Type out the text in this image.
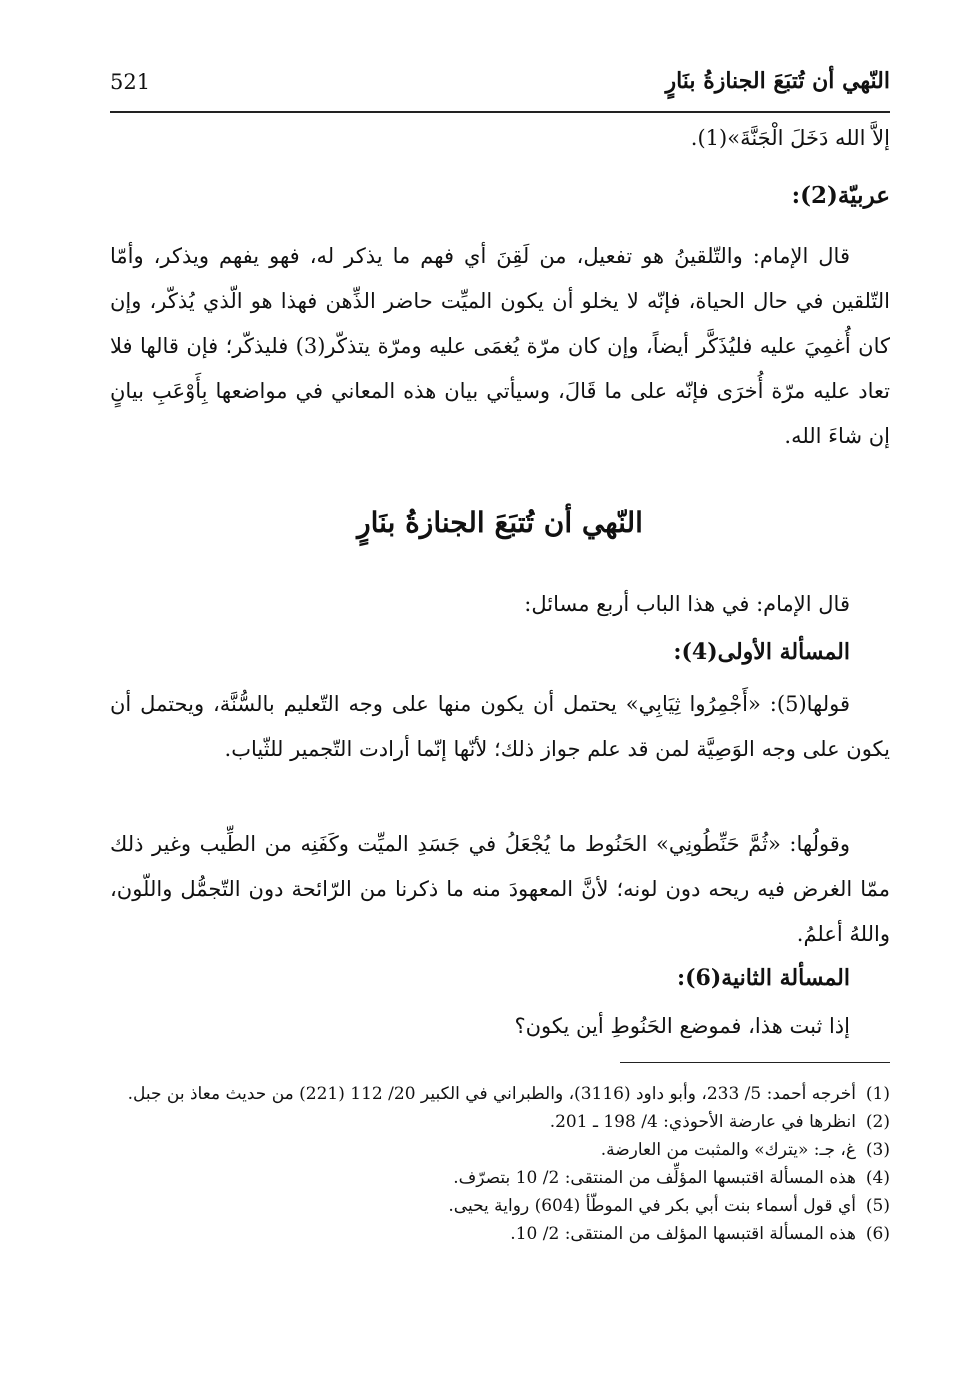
النّهي أن تُتبَعَ الجنازةُ بنَارٍ
521
إلاَّ الله دَخَلَ الْجَنَّةَ»(1).
عربيّة(2):
قال الإمام: والتّلقينُ هو تفعيل، من لَقِنَ أي فهم ما يذكر له، فهو يفهم ويذكر، وأمّا التّلقين في حال الحياة، فإنّه لا يخلو أن يكون الميِّت حاضر الذِّهن فهذا هو الّذي يُذكّر، وإن كان أُغمِيَ عليه فليُذَكَّر أيضاً، وإن كان مرّة يُغمَى عليه ومرّة يتذكّر(3) فليذكّر؛ فإن قالها فلا تعاد عليه مرّة أُخرَى فإنّه على ما قَالَ، وسيأتي بيان هذه المعاني في مواضعها بِأَوْعَبِ بيانٍ إن شاءَ الله.
النّهي أن تُتبَعَ الجنازةُ بنَارٍ
قال الإمام: في هذا الباب أربع مسائل:
المسألة الأولى(4):
قولها(5): «أَجْمِرُوا ثِيَابِي» يحتمل أن يكون منها على وجه التّعليم بالسُّنَّة، ويحتمل أن يكون على وجه الوَصِيَّة لمن قد علم جواز ذلك؛ لأنّها إنّما أرادت التّجمير للثّياب.
وقولُها: «ثُمَّ حَنِّطُونِي» الحَنُوط ما يُجْعَلُ في جَسَدِ الميِّت وكَفَنِه من الطِّيب وغير ذلك ممّا الغرض فيه ريحه دون لونه؛ لأنَّ المعهودَ منه ما ذكرنا من الرّائحة دون التّجمُّل واللّون، واللهُ أعلمُ.
المسألة الثانية(6):
إذا ثبت هذا، فموضع الحَنُوطِ أين يكون؟
(1)
أخرجه أحمد: 5/ 233، وأبو داود (3116)، والطبراني في الكبير 20/ 112 (221) من حديث معاذ بن جبل.
(2)
انظرها في عارضة الأحوذي: 4/ 198 ـ 201.
(3)
غ، جـ: «يترك» والمثبت من العارضة.
(4)
هذه المسألة اقتبسها المؤلِّف من المنتقى: 2/ 10 بتصرّف.
(5)
أي قول أسماء بنت أبي بكر في الموطّأ (604) رواية يحيى.
(6)
هذه المسألة اقتبسها المؤلف من المنتقى: 2/ 10.
